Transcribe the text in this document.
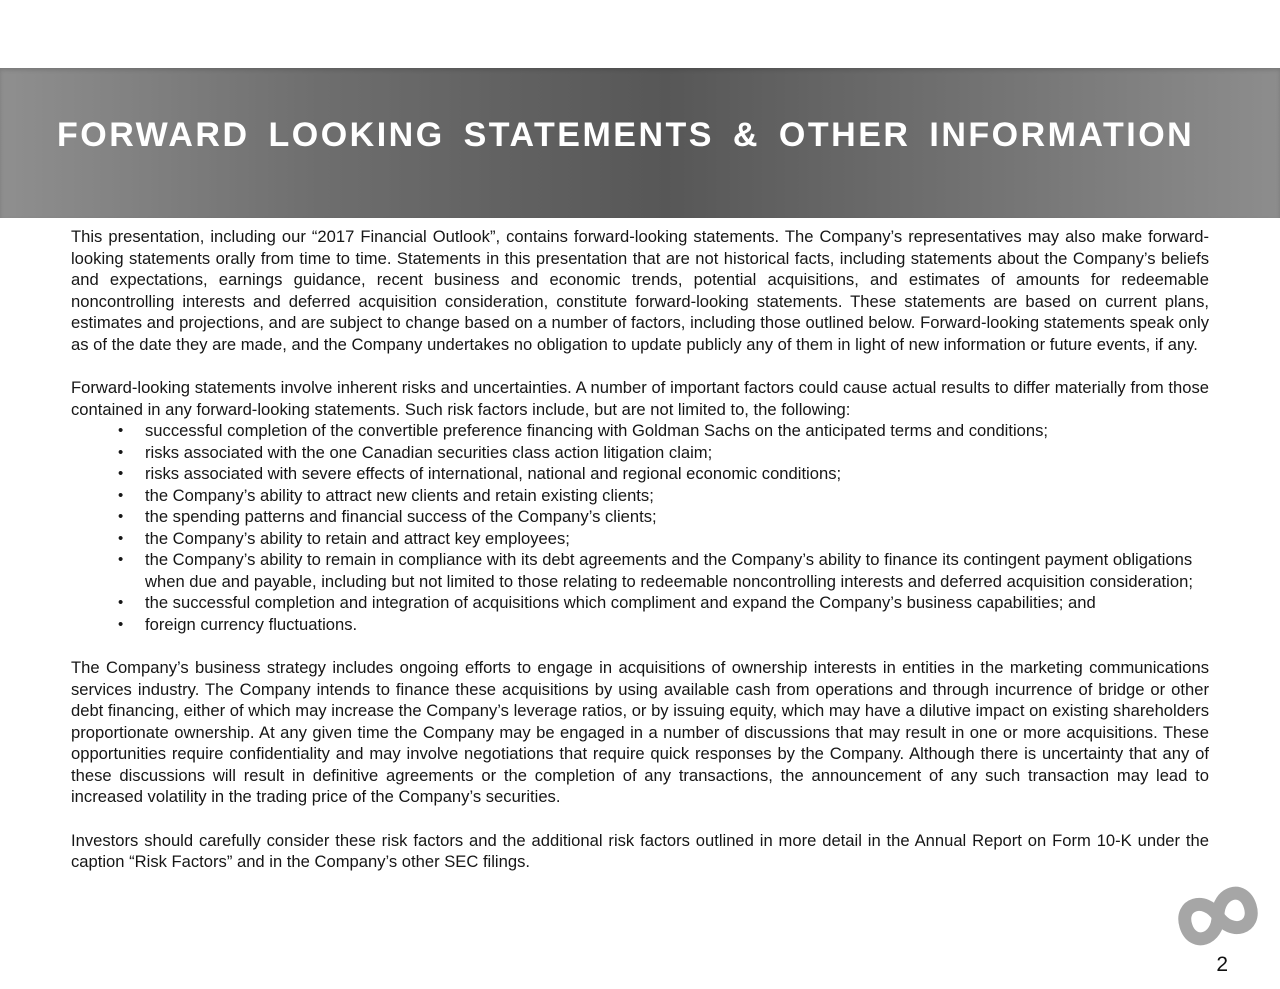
FORWARD LOOKING STATEMENTS & OTHER INFORMATION

This presentation, including our “2017 Financial Outlook”, contains forward-looking statements. The Company’s representatives may also make forward-looking statements orally from time to time. Statements in this presentation that are not historical facts, including statements about the Company’s beliefs and expectations, earnings guidance, recent business and economic trends, potential acquisitions, and estimates of amounts for redeemable noncontrolling interests and deferred acquisition consideration, constitute forward-looking statements. These statements are based on current plans, estimates and projections, and are subject to change based on a number of factors, including those outlined below. Forward-looking statements speak only as of the date they are made, and the Company undertakes no obligation to update publicly any of them in light of new information or future events, if any.

Forward-looking statements involve inherent risks and uncertainties. A number of important factors could cause actual results to differ materially from those contained in any forward-looking statements. Such risk factors include, but are not limited to, the following:

• successful completion of the convertible preference financing with Goldman Sachs on the anticipated terms and conditions;
• risks associated with the one Canadian securities class action litigation claim;
• risks associated with severe effects of international, national and regional economic conditions;
• the Company’s ability to attract new clients and retain existing clients;
• the spending patterns and financial success of the Company’s clients;
• the Company’s ability to retain and attract key employees;
• the Company’s ability to remain in compliance with its debt agreements and the Company’s ability to finance its contingent payment obligations when due and payable, including but not limited to those relating to redeemable noncontrolling interests and deferred acquisition consideration;
• the successful completion and integration of acquisitions which compliment and expand the Company’s business capabilities; and
• foreign currency fluctuations.

The Company’s business strategy includes ongoing efforts to engage in acquisitions of ownership interests in entities in the marketing communications services industry. The Company intends to finance these acquisitions by using available cash from operations and through incurrence of bridge or other debt financing, either of which may increase the Company’s leverage ratios, or by issuing equity, which may have a dilutive impact on existing shareholders proportionate ownership. At any given time the Company may be engaged in a number of discussions that may result in one or more acquisitions. These opportunities require confidentiality and may involve negotiations that require quick responses by the Company. Although there is uncertainty that any of these discussions will result in definitive agreements or the completion of any transactions, the announcement of any such transaction may lead to increased volatility in the trading price of the Company’s securities.

Investors should carefully consider these risk factors and the additional risk factors outlined in more detail in the Annual Report on Form 10-K under the caption “Risk Factors” and in the Company’s other SEC filings.

2
